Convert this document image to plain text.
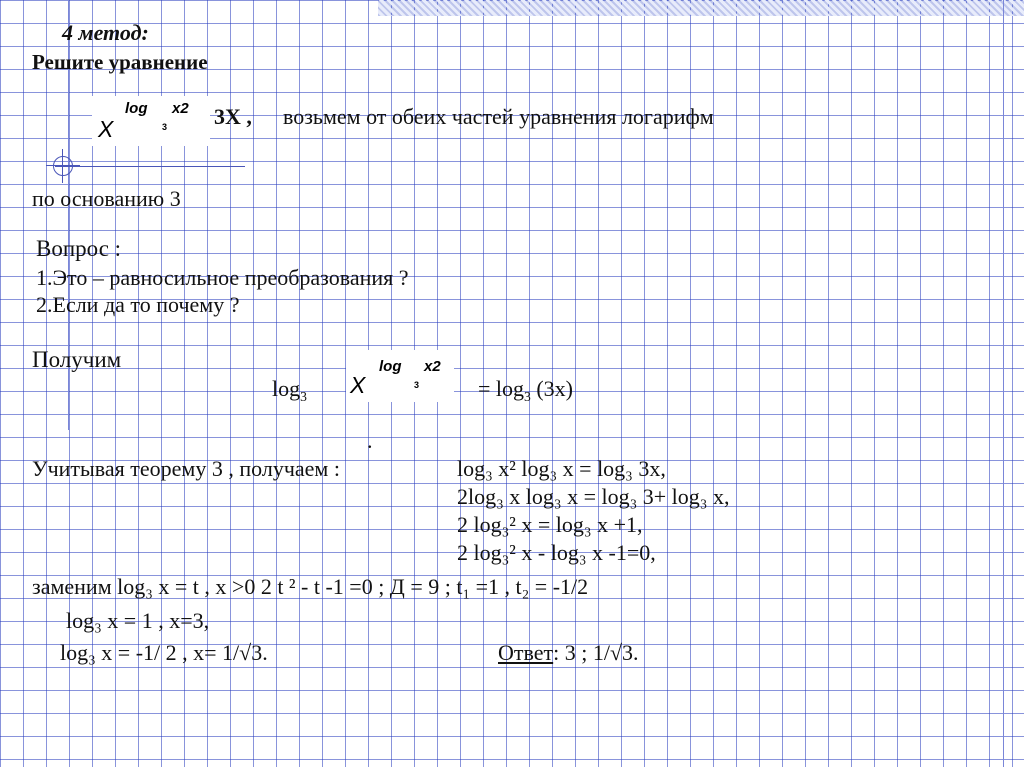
4 метод:
Решите уравнение
X
log
3
x2 3X , возьмем от обеих частей уравнения логарифм
по основанию 3
Вопрос :
1.Это – равносильное преобразования ?
2.Если да то почему ?
Получим
$\log_3 X$
log
3
x2
= $\log_3 (3x)$
.
Учитывая теорему 3 , получаем :	log₃ x² log₃ x = log₃ 3x,
2log₃ x log₃ x = log₃ 3+ log₃ x,
2 log₃² x = log₃ x +1,
2 log₃² x - log₃ x -1=0,
заменим log₃ x = t , x >0 2 t ² - t -1 =0 ; Д = 9 ; t₁ =1 , t₂ = -1/2
log₃ x = 1 , x=3,
log₃ x = -1/ 2 , x= 1/√3.	Ответ: 3 ; 1/√3.
